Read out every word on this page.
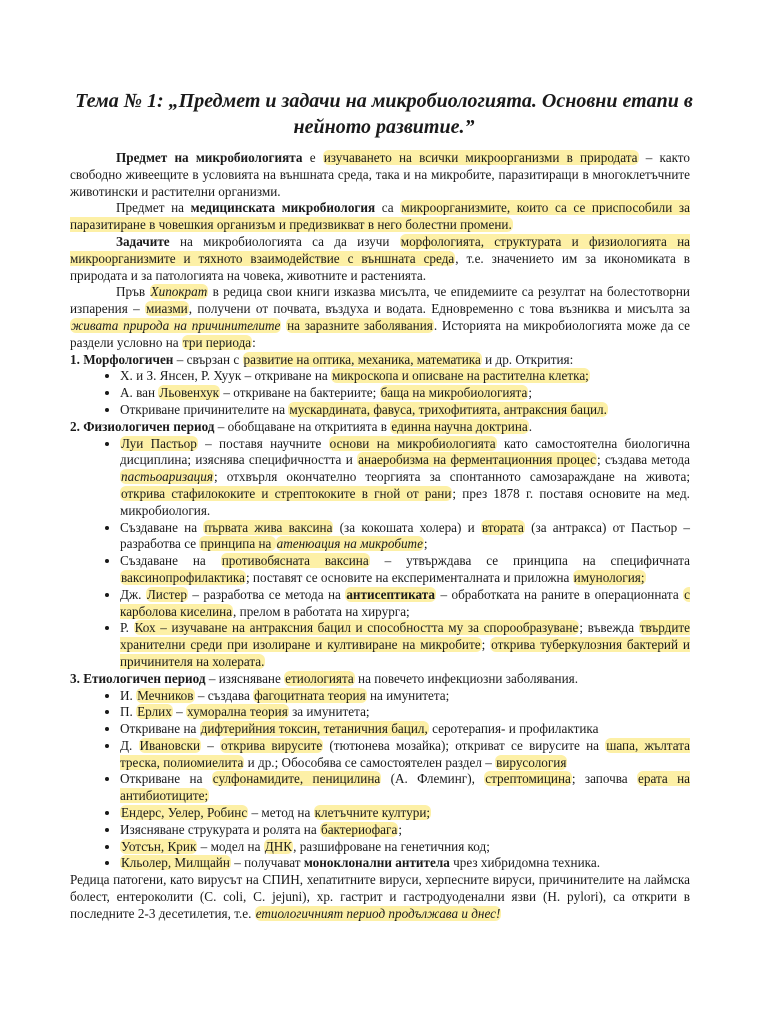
Тема № 1: „Предмет и задачи на микробиологията. Основни етапи в нейното развитие.”

Предмет на микробиологията е изучаването на всички микроорганизми в природата – както свободно живеещите в условията на външната среда, така и на микробите, паразитиращи в многоклетъчните животински и растителни организми.

Предмет на медицинската микробиология са микроорганизмите, които са се приспособили за паразитиране в човешкия организъм и предизвикват в него болестни промени.

Задачите на микробиологията са да изучи морфологията, структурата и физиологията на микроорганизмите и тяхното взаимодействие с външната среда, т.е. значението им за икономиката в природата и за патологията на човека, животните и растенията.

Пръв Хипократ в редица свои книги изказва мисълта, че епидемиите са резултат на болестотворни изпарения – миазми, получени от почвата, въздуха и водата. Едновременно с това възниква и мисълта за живата природа на причинителите на заразните заболявания. Историята на микробиологията може да се раздели условно на три периода:

1. Морфологичен – свързан с развитие на оптика, механика, математика и др. Открития:

• Х. и З. Янсен, Р. Хуук – откриване на микроскопа и описване на растителна клетка;
• А. ван Льовенхук – откриване на бактериите; баща на микробиологията;
• Откриване причинителите на мускардината, фавуса, трихофитията, антраксния бацил.

2. Физиологичен период – обобщаване на откритията в единна научна доктрина.

• Луи Пастьор – поставя научните основи на микробиологията като самостоятелна биологична дисциплина; изяснява специфичността и анаеробизма на ферментационния процес; създава метода пастьоаризация; отхвърля окончателно теоргията за спонтанното самозараждане на живота; открива стафилококите и стрептококите в гной от рани; през 1878 г. поставя основите на мед. микробиология.
• Създаване на първата жива ваксина (за кокошата холера) и втората (за антракса) от Пастьор – разработва се принципа на атенюация на микробите;
• Създаване на противобясната ваксина – утвърждава се принципа на специфичната ваксинопрофилактика; поставят се основите на експерименталната и приложна имунология;
• Дж. Листер – разработва се метода на антисептиката – обработката на раните в операционната с карболова киселина, прелом в работата на хирурга;
• Р. Кох – изучаване на антраксния бацил и способността му за спорообразуване; въвежда твърдите хранителни среди при изолиране и култивиране на микробите; открива туберкулозния бактерий и причинителя на холерата.

3. Етиологичен период – изясняване етиологията на повечето инфекциозни заболявания.

• И. Мечников – създава фагоцитната теория на имунитета;
• П. Ерлих – хуморална теория за имунитета;
• Откриване на дифтерийния токсин, тетаничния бацил, серотерапия- и профилактика
• Д. Ивановски – открива вирусите (тютюнева мозайка); откриват се вирусите на шапа, жълтата треска, полиомиелита и др.; Обособява се самостоятелен раздел – вирусология
• Откриване на сулфонамидите, пеницилина (А. Флеминг), стрептомицина; започва ерата на антибиотиците;
• Ендерс, Уелер, Робинс – метод на клетъчните култури;
• Изясняване струкурата и ролята на бактериофага;
• Уотсън, Крик – модел на ДНК, разшифроване на генетичния код;
• Кльолер, Милщайн – получават моноклонални антитела чрез хибридомна техника.

Редица патогени, като вирусът на СПИН, хепатитните вируси, херпесните вируси, причинителите на лаймска болест, ентероколити (C. coli, C. jejuni), хр. гастрит и гастродуоденални язви (H. pylori), са открити в последните 2-3 десетилетия, т.е. етиологичният период продължава и днес!
